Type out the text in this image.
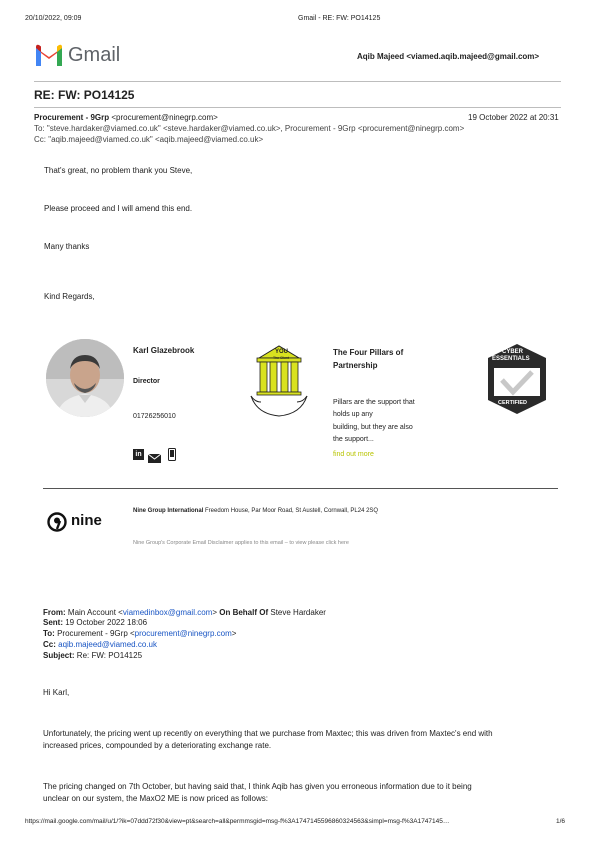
20/10/2022, 09:09	Gmail - RE: FW: PO14125
Gmail	Aqib Majeed <viamed.aqib.majeed@gmail.com>
RE: FW: PO14125
Procurement - 9Grp <procurement@ninegrp.com>	19 October 2022 at 20:31
To: "steve.hardaker@viamed.co.uk" <steve.hardaker@viamed.co.uk>, Procurement - 9Grp <procurement@ninegrp.com>
Cc: "aqib.majeed@viamed.co.uk" <aqib.majeed@viamed.co.uk>
That's great, no problem thank you Steve,
Please proceed and I will amend this end.
Many thanks
Kind Regards,
Karl Glazebrook
Director
01726256010
in
YOU
The Client
The Four Pillars of Partnership
Pillars are the support that
holds up any
building, but they are also
the support...
find out more
CYBER
ESSENTIALS
CERTIFIED
nine
Nine Group International Freedom House, Par Moor Road, St Austell, Cornwall, PL24 2SQ
Nine Group's Corporate Email Disclaimer applies to this email – to view please click here
From: Main Account <viamedinbox@gmail.com> On Behalf Of Steve Hardaker
Sent: 19 October 2022 18:06
To: Procurement - 9Grp <procurement@ninegrp.com>
Cc: aqib.majeed@viamed.co.uk
Subject: Re: FW: PO14125
Hi Karl,
Unfortunately, the pricing went up recently on everything that we purchase from Maxtec; this was driven from Maxtec's end with
increased prices, compounded by a deteriorating exchange rate.
The pricing changed on 7th October, but having said that, I think Aqib has given you erroneous information due to it being
unclear on our system, the MaxO2 ME is now priced as follows:
https://mail.google.com/mail/u/1/?ik=07ddd72f30&view=pt&search=all&permmsgid=msg-f%3A1747145596860324563&simpl=msg-f%3A1747145…	1/6
